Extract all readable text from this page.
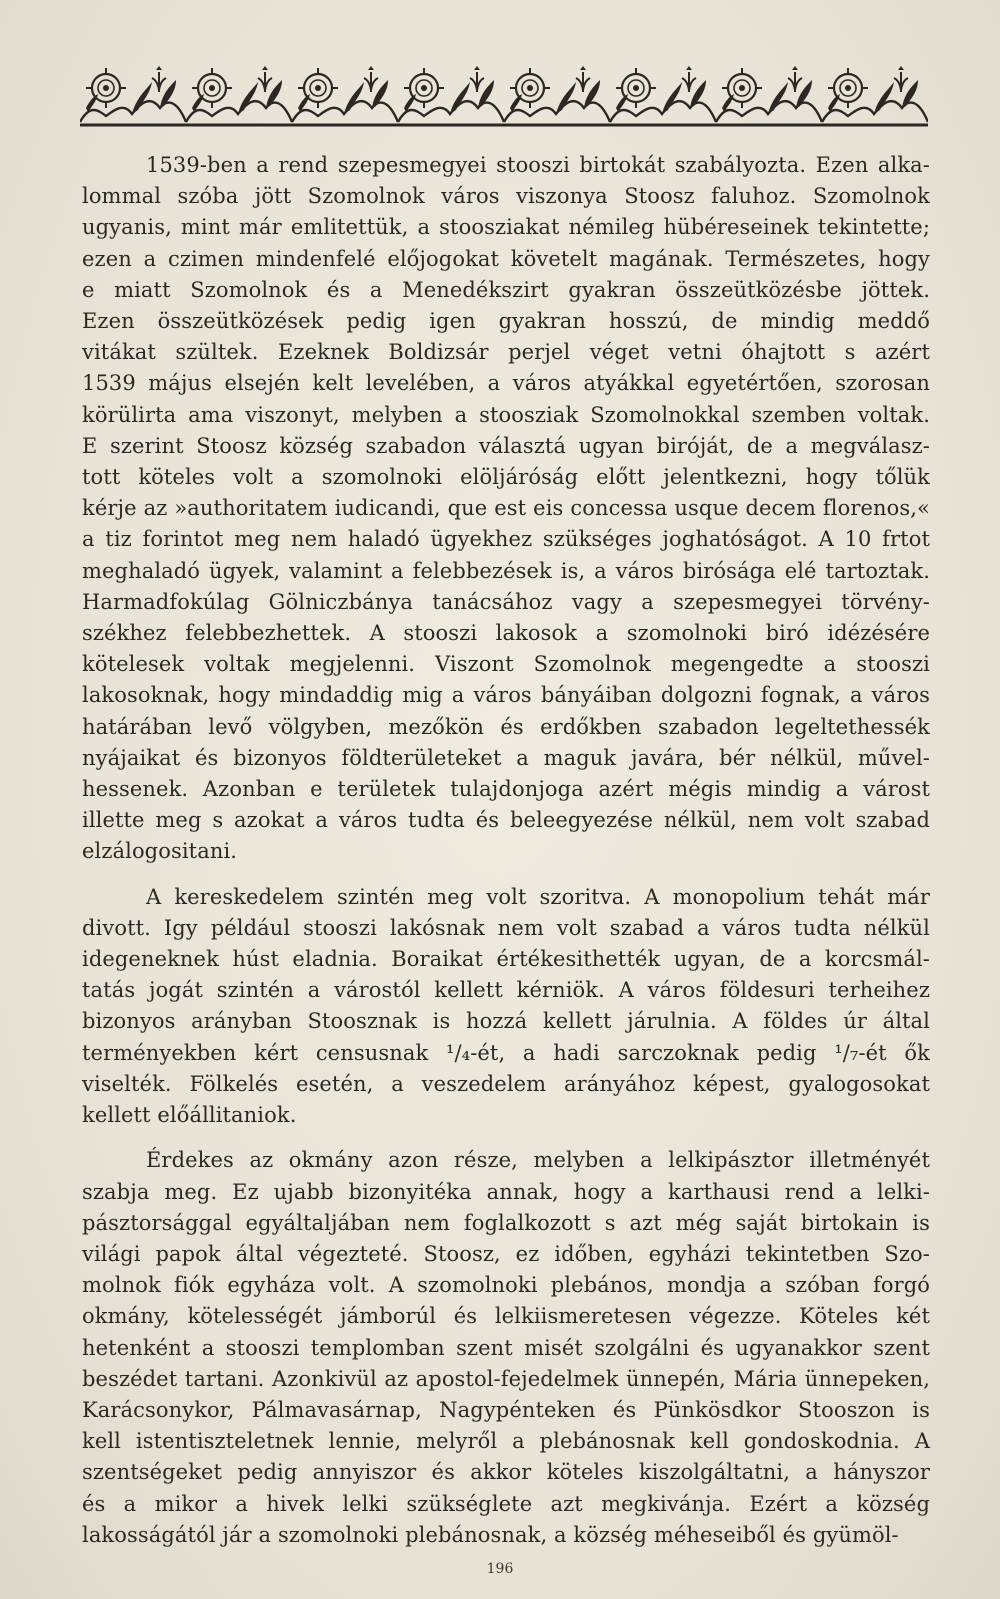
1539-ben a rend szepesmegyei stooszi birtokát szabályozta. Ezen alka-
lommal szóba jött Szomolnok város viszonya Stoosz faluhoz. Szomolnok
ugyanis, mint már emlitettük, a stoosziakat némileg hübéreseinek tekintette;
ezen a czimen mindenfelé előjogokat követelt magának. Természetes, hogy
e miatt Szomolnok és a Menedékszirt gyakran összeütközésbe jöttek.
Ezen összeütközések pedig igen gyakran hosszú, de mindig meddő
vitákat szültek. Ezeknek Boldizsár perjel véget vetni óhajtott s azért
1539 május elsején kelt levelében, a város atyákkal egyetértően, szorosan
körülirta ama viszonyt, melyben a stoosziak Szomolnokkal szemben voltak.
E szerint Stoosz község szabadon választá ugyan biróját, de a megválasz-
tott köteles volt a szomolnoki elöljáróság előtt jelentkezni, hogy tőlük
kérje az »authoritatem iudicandi, que est eis concessa usque decem florenos,«
a tiz forintot meg nem haladó ügyekhez szükséges joghatóságot. A 10 frtot
meghaladó ügyek, valamint a felebbezések is, a város birósága elé tartoztak.
Harmadfokúlag Gölniczbánya tanácsához vagy a szepesmegyei törvény-
székhez felebbezhettek. A stooszi lakosok a szomolnoki biró idézésére
kötelesek voltak megjelenni. Viszont Szomolnok megengedte a stooszi
lakosoknak, hogy mindaddig mig a város bányáiban dolgozni fognak, a város
határában levő völgyben, mezőkön és erdőkben szabadon legeltethessék
nyájaikat és bizonyos földterületeket a maguk javára, bér nélkül, művel-
hessenek. Azonban e területek tulajdonjoga azért mégis mindig a várost
illette meg s azokat a város tudta és beleegyezése nélkül, nem volt szabad
elzálogositani.

A kereskedelem szintén meg volt szoritva. A monopolium tehát már
divott. Igy például stooszi lakósnak nem volt szabad a város tudta nélkül
idegeneknek húst eladnia. Boraikat értékesithették ugyan, de a korcsmál-
tatás jogát szintén a várostól kellett kérniök. A város földesuri terheihez
bizonyos arányban Stoosznak is hozzá kellett járulnia. A földes úr által
terményekben kért censusnak ¹/₄-ét, a hadi sarczoknak pedig ¹/₇-ét ők
viselték. Fölkelés esetén, a veszedelem arányához képest, gyalogosokat
kellett előállitaniok.

Érdekes az okmány azon része, melyben a lelkipásztor illetményét
szabja meg. Ez ujabb bizonyitéka annak, hogy a karthausi rend a lelki-
pásztorsággal egyáltaljában nem foglalkozott s azt még saját birtokain is
világi papok által végezteté. Stoosz, ez időben, egyházi tekintetben Szo-
molnok fiók egyháza volt. A szomolnoki plebános, mondja a szóban forgó
okmány, kötelességét jámborúl és lelkiismeretesen végezze. Köteles két
hetenként a stooszi templomban szent misét szolgálni és ugyanakkor szent
beszédet tartani. Azonkivül az apostol-fejedelmek ünnepén, Mária ünnepeken,
Karácsonykor, Pálmavasárnap, Nagypénteken és Pünkösdkor Stooszon is
kell istentiszteletnek lennie, melyről a plebánosnak kell gondoskodnia. A
szentségeket pedig annyiszor és akkor köteles kiszolgáltatni, a hányszor
és a mikor a hivek lelki szükséglete azt megkivánja. Ezért a község
lakosságától jár a szomolnoki plebánosnak, a község méheseiből és gyümöl-

196
